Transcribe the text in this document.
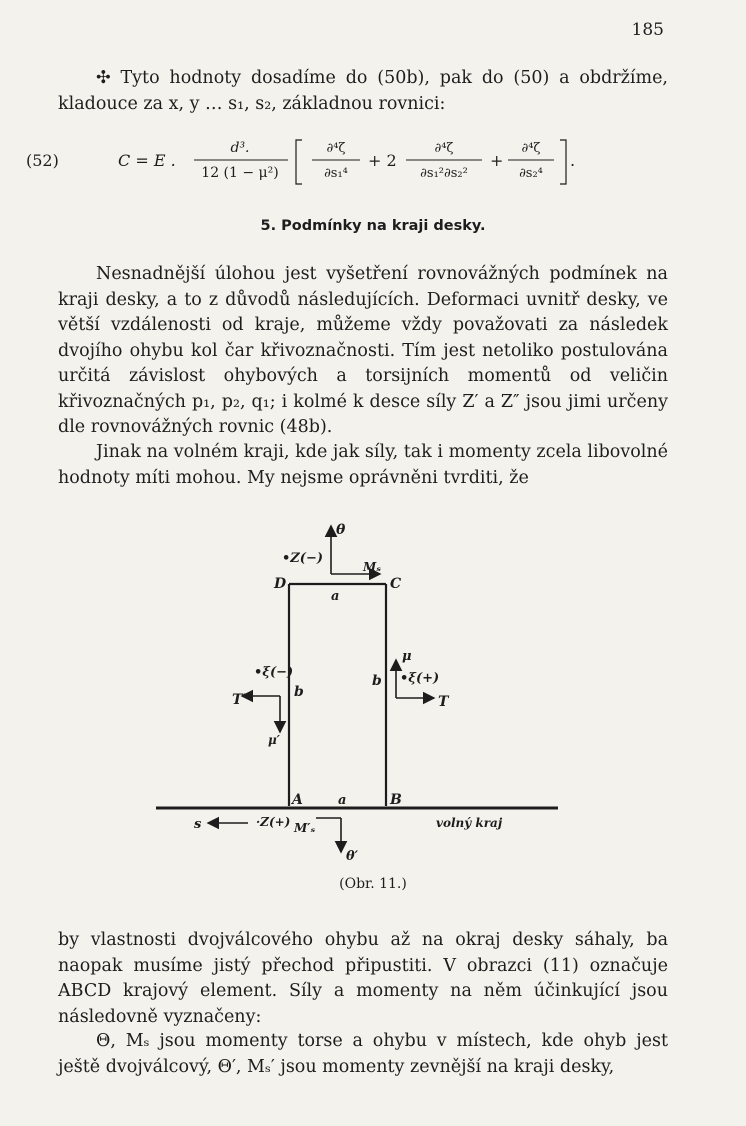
185
✣ Tyto hodnoty dosadíme do (50b), pak do (50) a obdržíme, kladouce za x, y … s₁, s₂, základnou rovnici:
(52)	C = E .
d³.
12 (1 − μ²)
∂⁴ζ
∂s₁⁴
+ 2
∂⁴ζ
∂s₁²∂s₂²
+
∂⁴ζ
∂s₂⁴
.
5. Podmínky na kraji desky.
Nesnadnější úlohou jest vyšetření rovnovážných podmínek na kraji desky, a to z důvodů následujících. Deformaci uvnitř desky, ve větší vzdálenosti od kraje, můžeme vždy považovati za následek dvojího ohybu kol čar křivoznačnosti. Tím jest netoliko postulována určitá závislost ohybových a torsijních momentů od veličin křivoznačných p₁, p₂, q₁; i kolmé k desce síly Z′ a Z″ jsou jimi určeny dle rovnovážných rovnic (48b).
Jinak na volném kraji, kde jak síly, tak i momenty zcela libovolné hodnoty míti mohou. My nejsme oprávněni tvrditi, že
θ
•Z(−)
Mₛ
D	C
a
•ξ(−)
T′	b
μ′
μ
b •ξ(+)
T
A	a	B
volný kraj
s	·Z(+) M′ₛ
θ′
(Obr. 11.)
by vlastnosti dvojválcového ohybu až na okraj desky sáhaly, ba naopak musíme jistý přechod připustiti. V obrazci (11) označuje ABCD krajový element. Síly a momenty na něm účinkující jsou následovně vyznačeny:
Θ, Mₛ jsou momenty torse a ohybu v místech, kde ohyb jest ještě dvojválcový, Θ′, Mₛ′ jsou momenty zevnější na kraji desky,
